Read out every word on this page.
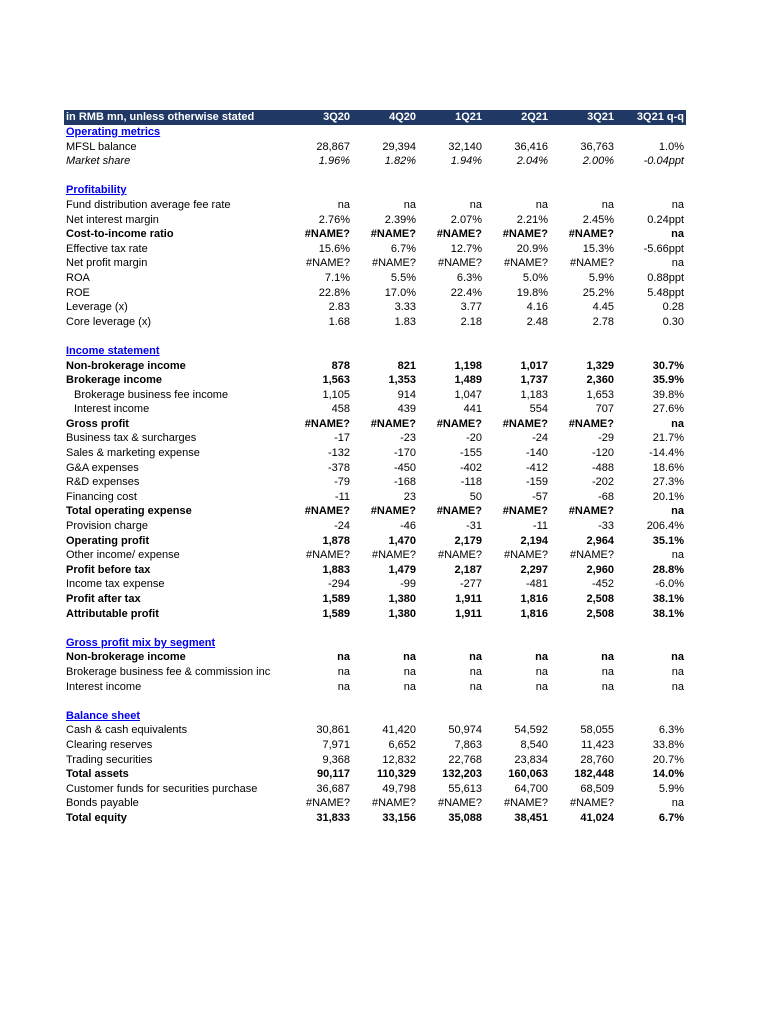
in RMB mn, unless otherwise stated	3Q20	4Q20	1Q21	2Q21	3Q21	3Q21 q-q
Operating metrics
MFSL balance	28,867	29,394	32,140	36,416	36,763	1.0%
Market share	1.96%	1.82%	1.94%	2.04%	2.00%	-0.04ppt
Profitability
Fund distribution average fee rate	na	na	na	na	na	na
Net interest margin	2.76%	2.39%	2.07%	2.21%	2.45%	0.24ppt
Cost-to-income ratio	#NAME?	#NAME?	#NAME?	#NAME?	#NAME?	na
Effective tax rate	15.6%	6.7%	12.7%	20.9%	15.3%	-5.66ppt
Net profit margin	#NAME?	#NAME?	#NAME?	#NAME?	#NAME?	na
ROA	7.1%	5.5%	6.3%	5.0%	5.9%	0.88ppt
ROE	22.8%	17.0%	22.4%	19.8%	25.2%	5.48ppt
Leverage (x)	2.83	3.33	3.77	4.16	4.45	0.28
Core leverage (x)	1.68	1.83	2.18	2.48	2.78	0.30
Income statement
Non-brokerage income	878	821	1,198	1,017	1,329	30.7%
Brokerage income	1,563	1,353	1,489	1,737	2,360	35.9%
Brokerage business fee income	1,105	914	1,047	1,183	1,653	39.8%
Interest income	458	439	441	554	707	27.6%
Gross profit	#NAME?	#NAME?	#NAME?	#NAME?	#NAME?	na
Business tax & surcharges	-17	-23	-20	-24	-29	21.7%
Sales & marketing expense	-132	-170	-155	-140	-120	-14.4%
G&A expenses	-378	-450	-402	-412	-488	18.6%
R&D expenses	-79	-168	-118	-159	-202	27.3%
Financing cost	-11	23	50	-57	-68	20.1%
Total operating expense	#NAME?	#NAME?	#NAME?	#NAME?	#NAME?	na
Provision charge	-24	-46	-31	-11	-33	206.4%
Operating profit	1,878	1,470	2,179	2,194	2,964	35.1%
Other income/ expense	#NAME?	#NAME?	#NAME?	#NAME?	#NAME?	na
Profit before tax	1,883	1,479	2,187	2,297	2,960	28.8%
Income tax expense	-294	-99	-277	-481	-452	-6.0%
Profit after tax	1,589	1,380	1,911	1,816	2,508	38.1%
Attributable profit	1,589	1,380	1,911	1,816	2,508	38.1%
Gross profit mix by segment
Non-brokerage income	na	na	na	na	na	na
Brokerage business fee & commission inc	na	na	na	na	na	na
Interest income	na	na	na	na	na	na
Balance sheet
Cash & cash equivalents	30,861	41,420	50,974	54,592	58,055	6.3%
Clearing reserves	7,971	6,652	7,863	8,540	11,423	33.8%
Trading securities	9,368	12,832	22,768	23,834	28,760	20.7%
Total assets	90,117	110,329	132,203	160,063	182,448	14.0%
Customer funds for securities purchase	36,687	49,798	55,613	64,700	68,509	5.9%
Bonds payable	#NAME?	#NAME?	#NAME?	#NAME?	#NAME?	na
Total equity	31,833	33,156	35,088	38,451	41,024	6.7%
